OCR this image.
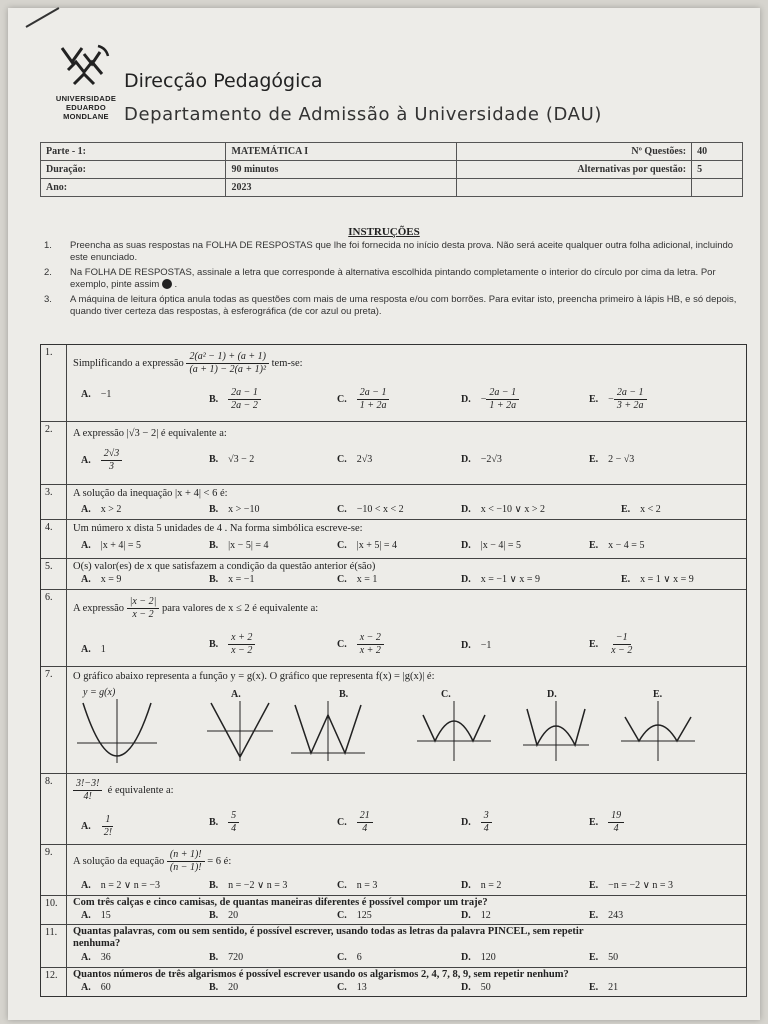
UNIVERSIDADE
EDUARDO
MONDLANE
Direcção Pedagógica
Departamento de Admissão à Universidade (DAU)
Parte - 1:	MATEMÁTICA I	Nº Questões:	40
Duração:	90 minutos	Alternativas por questão:	5
Ano:	2023		
INSTRUÇÕES
1.	Preencha as suas respostas na FOLHA DE RESPOSTAS que lhe foi fornecida no início desta prova. Não será aceite qualquer outra folha adicional, incluindo este enunciado.
2.	Na FOLHA DE RESPOSTAS, assinale a letra que corresponde à alternativa escolhida pintando completamente o interior do círculo por cima da letra. Por exemplo, pinte assim  .
3.	A máquina de leitura óptica anula todas as questões com mais de uma resposta e/ou com borrões. Para evitar isto, preencha primeiro à lápis HB, e só depois, quando tiver certeza das respostas, à esferográfica (de cor azul ou preta).
1.
Simplificando a expressão $\frac{\text{2(a² − 1) + (a + 1)}}{\text{(a + 1) − 2(a + 1)²}} tem-se$:
A. −1	B. $\frac{2a - 1}{2a - 2}$	C. $\frac{2a - 1}{1 + 2a}$	D. − $\frac{2a - 1}{1 + 2a}$	E. − $\frac{2a - 1}{3 + 2a}$
2.	A expressão |√3 − 2| é equivalente a:
A. $\frac{2√3}{3}$	B. √3 − 2	C. 2√3	D. −2√3	E. 2 − √3
3.	A solução da inequação |x + 4| < 6 é:
A. x > 2	B. x > −10	C. −10 < x < 2	D. x < −10 ∨ x > 2	E. x < 2
4.	Um número x dista 5 unidades de 4 . Na forma simbólica escreve-se:
A. |x + 4| = 5	B. |x − 5| = 4	C. |x + 5| = 4	D. |x − 4| = 5	E. x − 4 = 5
5.	O(s) valor(es) de x que satisfazem a condição da questão anterior é(são)
A. x = 9	B. x = −1	C. x = 1	D. x = −1 ∨ x = 9	E. x = 1 ∨ x = 9
6.
A expressão $\frac{|x - 2|}{x - 2}$ para valores de x ≤ 2 é equivalente a:
A. 1	B. $\frac{x + 2}{x - 2}$	C. $\frac{x - 2}{x + 2}$	D. −1	E. $\frac{-1}{x - 2}$
7.	O gráfico abaixo representa a função y = g(x). O gráfico que representa f(x) = |g(x)| é:
y = g(x)	A.	B.	C.	D.	E.
8.	$\frac{3!-3!}{4!}$ é equivalente a:
A. $\frac{1}{2!}$	B. $\frac{5}{4}$	C. $\frac{21}{4}$	D. $\frac{3}{4}$	E. $\frac{19}{4}$
9.
A solução da equação $\frac{(n + 1)!}{(n - 1)!} = 6$ é:
A. n = 2 ∨ n = −3	B. n = −2 ∨ n = 3	C. n = 3	D. n = 2	E. −n = −2 ∨ n = 3
10.	Com três calças e cinco camisas, de quantas maneiras diferentes é possível compor um traje?
A. 15	B. 20	C. 125	D. 12	E. 243
11.	Quantas palavras, com ou sem sentido, é possível escrever, usando todas as letras da palavra PINCEL, sem repetir
nenhuma?
A. 36	B. 720	C. 6	D. 120	E. 50
12.	Quantos números de três algarismos é possível escrever usando os algarismos 2, 4, 7, 8, 9, sem repetir nenhum?
A. 60	B. 20	C. 13	D. 50	E. 21
